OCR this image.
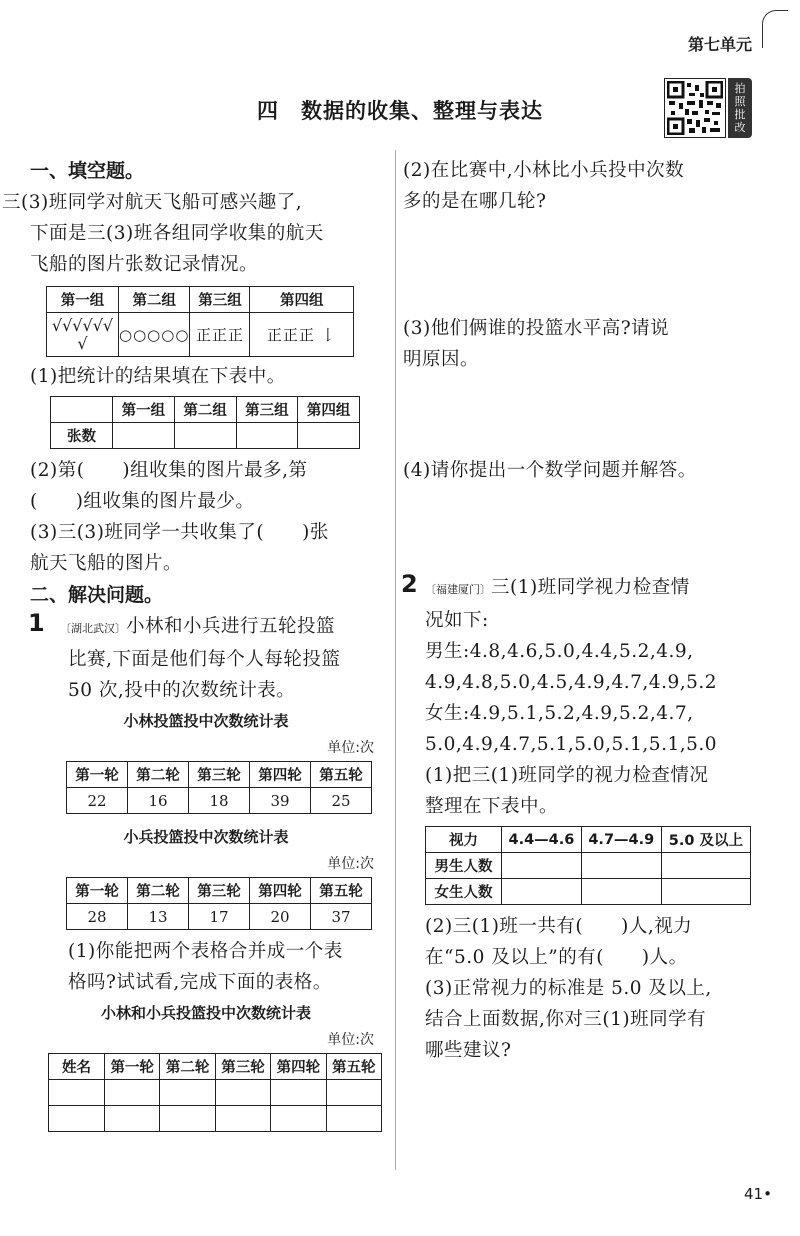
第七单元
四　数据的收集、整理与表达
拍
照
批
改
一、填空题。
三(3)班同学对航天飞船可感兴趣了,
下面是三(3)班各组同学收集的航天
飞船的图片张数记录情况。
第一组	第二组	第三组	第四组
√√√√√√√	○○○○○	正正正	正正正 𠄌
(1)把统计的结果填在下表中。
	第一组	第二组	第三组	第四组
张数				
(2)第(　　)组收集的图片最多,第
(　　)组收集的图片最少。
(3)三(3)班同学一共收集了(　　)张
航天飞船的图片。
二、解决问题。
1	〔湖北武汉〕小林和小兵进行五轮投篮
比赛,下面是他们每个人每轮投篮
50 次,投中的次数统计表。
小林投篮投中次数统计表
单位:次
第一轮	第二轮	第三轮	第四轮	第五轮
22	16	18	39	25
小兵投篮投中次数统计表
单位:次
第一轮	第二轮	第三轮	第四轮	第五轮
28	13	17	20	37
(1)你能把两个表格合并成一个表
格吗?试试看,完成下面的表格。
小林和小兵投篮投中次数统计表
单位:次
姓名	第一轮	第二轮	第三轮	第四轮	第五轮

(2)在比赛中,小林比小兵投中次数
多的是在哪几轮?
(3)他们俩谁的投篮水平高?请说
明原因。
(4)请你提出一个数学问题并解答。
2 〔福建厦门〕三(1)班同学视力检查情
况如下:
男生:4.8,4.6,5.0,4.4,5.2,4.9,
4.9,4.8,5.0,4.5,4.9,4.7,4.9,5.2
女生:4.9,5.1,5.2,4.9,5.2,4.7,
5.0,4.9,4.7,5.1,5.0,5.1,5.1,5.0
(1)把三(1)班同学的视力检查情况
整理在下表中。
视力	4.4—4.6	4.7—4.9	5.0 及以上
男生人数			
女生人数			
(2)三(1)班一共有(　　)人,视力
在“5.0 及以上”的有(　　)人。
(3)正常视力的标准是 5.0 及以上,
结合上面数据,你对三(1)班同学有
哪些建议?
41•
